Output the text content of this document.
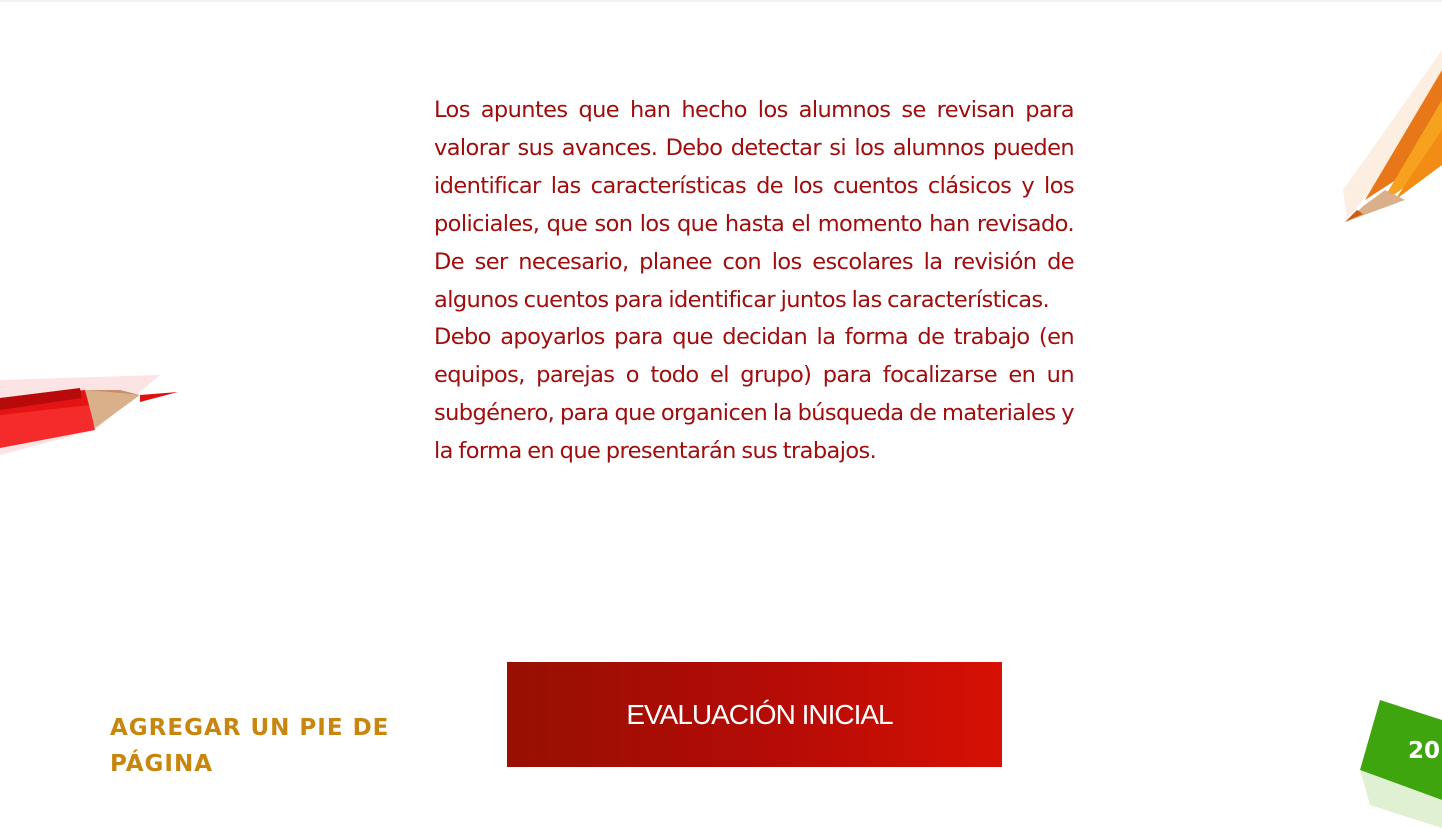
Los apuntes que han hecho los alumnos se revisan para valorar sus avances. Debo detectar si los alumnos pueden identificar las características de los cuentos clásicos y los policiales, que son los que hasta el momento han revisado. De ser necesario, planee con los escolares la revisión de algunos cuentos para identificar juntos las características.

Debo apoyarlos para que decidan la forma de trabajo (en equipos, parejas o todo el grupo) para focalizarse en un subgénero, para que organicen la búsqueda de materiales y la forma en que presentarán sus trabajos.

EVALUACIÓN INICIAL
AGREGAR UN PIE DE
PÁGINA	20
